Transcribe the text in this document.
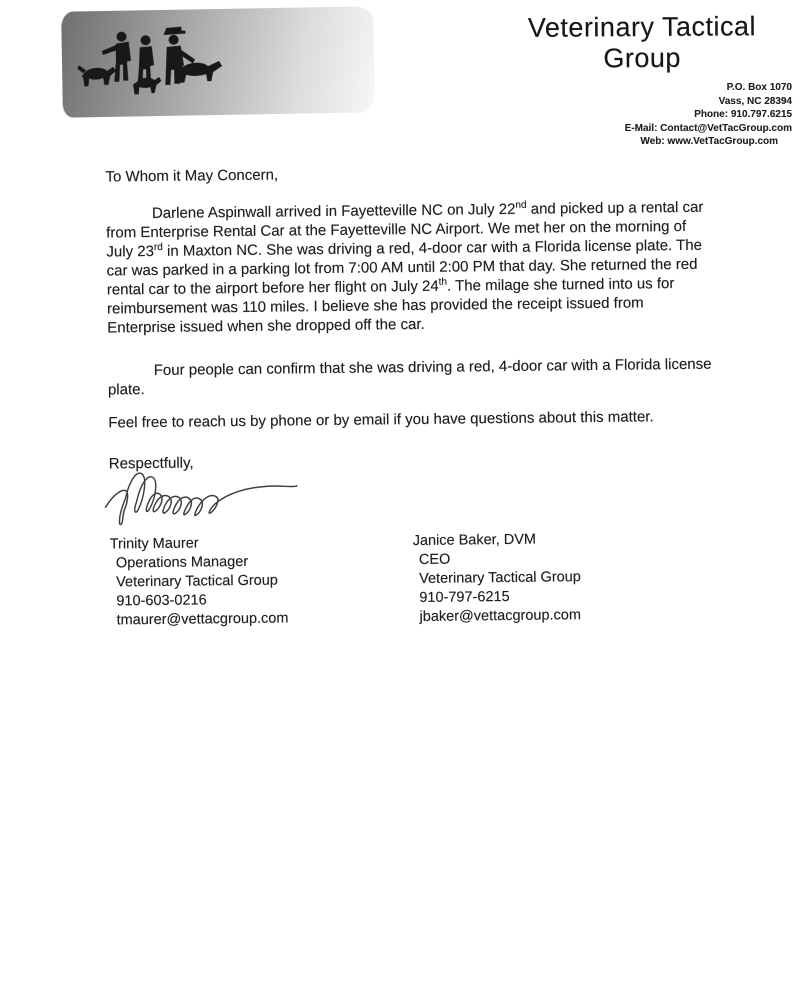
Veterinary Tactical Group
P.O. Box 1070
Vass, NC 28394
Phone: 910.797.6215
E-Mail: Contact@VetTacGroup.com
Web: www.VetTacGroup.com

To Whom it May Concern,

Darlene Aspinwall arrived in Fayetteville NC on July 22nd and picked up a rental car from Enterprise Rental Car at the Fayetteville NC Airport. We met her on the morning of July 23rd in Maxton NC. She was driving a red, 4-door car with a Florida license plate. The car was parked in a parking lot from 7:00 AM until 2:00 PM that day. She returned the red rental car to the airport before her flight on July 24th. The milage she turned into us for reimbursement was 110 miles. I believe she has provided the receipt issued from Enterprise issued when she dropped off the car.

Four people can confirm that she was driving a red, 4-door car with a Florida license plate.

Feel free to reach us by phone or by email if you have questions about this matter.

Respectfully,

Trinity Maurer
Operations Manager
Veterinary Tactical Group
910-603-0216
tmaurer@vettacgroup.com
Janice Baker, DVM
CEO
Veterinary Tactical Group
910-797-6215
jbaker@vettacgroup.com
